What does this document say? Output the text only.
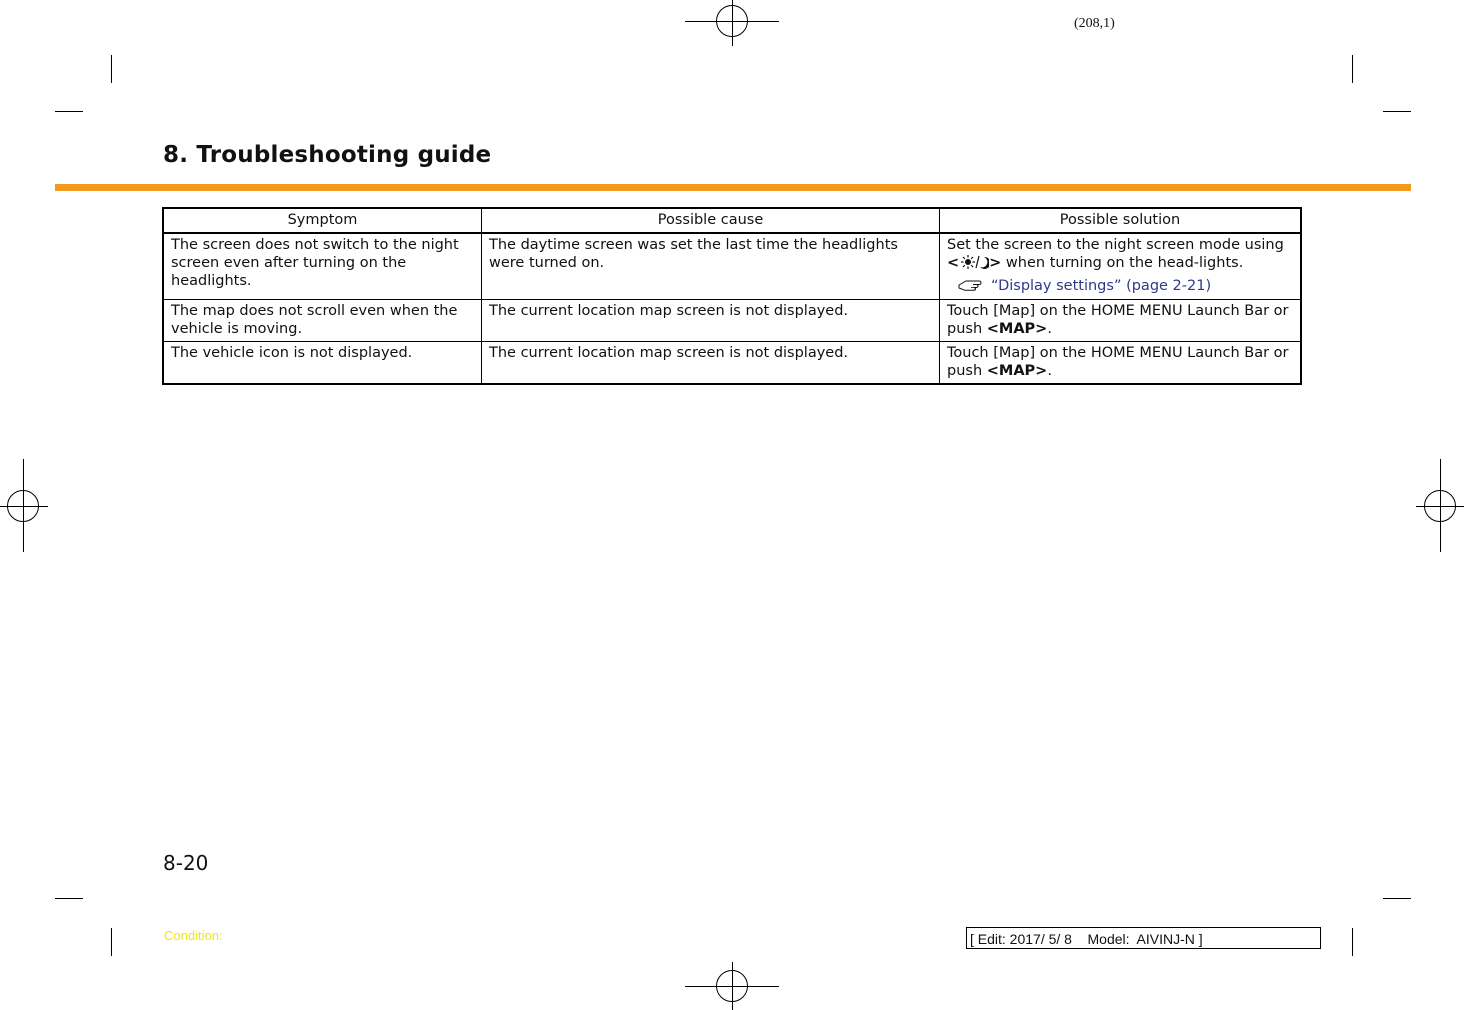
(208,1)
8. Troubleshooting guide
Symptom	Possible cause	Possible solution
The screen does not switch to the night screen even after turning on the headlights.	The daytime screen was set the last time the headlights were turned on.	Set the screen to the night screen mode using < > when turning on the head-lights.

“Display settings” (page 2-21)

The map does not scroll even when the vehicle is moving.	The current location map screen is not displayed.	Touch [Map] on the HOME MENU Launch Bar or push <MAP>.
The vehicle icon is not displayed.	The current location map screen is not displayed.	Touch [Map] on the HOME MENU Launch Bar or push <MAP>.
8-20
Condition:	[ Edit: 2017/ 5/ 8    Model:  AIVINJ-N ]
